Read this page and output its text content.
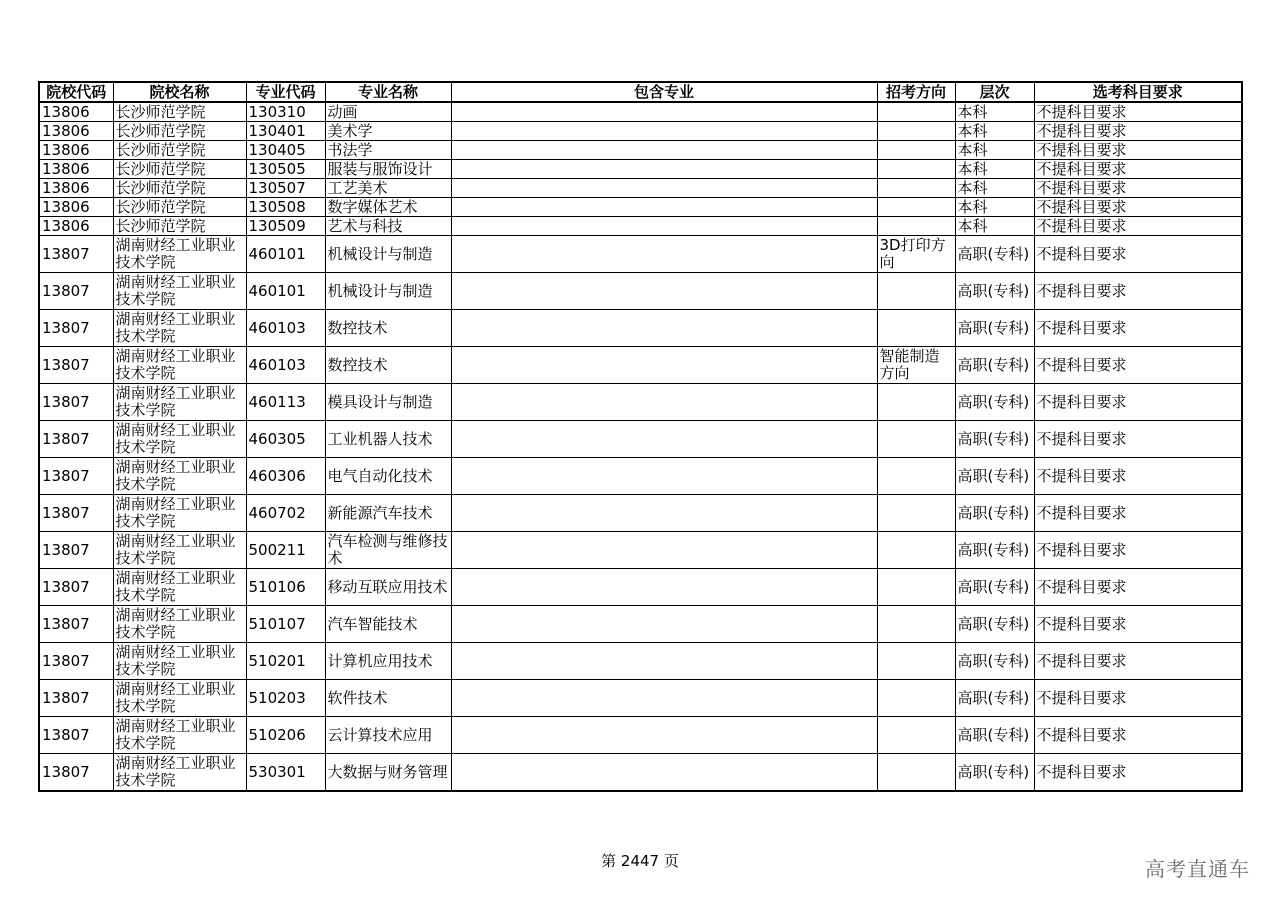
院校代码	院校名称	专业代码	专业名称	包含专业	招考方向	层次	选考科目要求
13806	长沙师范学院	130310	动画			本科	不提科目要求
13806	长沙师范学院	130401	美术学			本科	不提科目要求
13806	长沙师范学院	130405	书法学			本科	不提科目要求
13806	长沙师范学院	130505	服装与服饰设计			本科	不提科目要求
13806	长沙师范学院	130507	工艺美术			本科	不提科目要求
13806	长沙师范学院	130508	数字媒体艺术			本科	不提科目要求
13806	长沙师范学院	130509	艺术与科技			本科	不提科目要求
13807	湖南财经工业职业技术学院	460101	机械设计与制造		3D打印方向	高职(专科)	不提科目要求
13807	湖南财经工业职业技术学院	460101	机械设计与制造			高职(专科)	不提科目要求
13807	湖南财经工业职业技术学院	460103	数控技术			高职(专科)	不提科目要求
13807	湖南财经工业职业技术学院	460103	数控技术		智能制造方向	高职(专科)	不提科目要求
13807	湖南财经工业职业技术学院	460113	模具设计与制造			高职(专科)	不提科目要求
13807	湖南财经工业职业技术学院	460305	工业机器人技术			高职(专科)	不提科目要求
13807	湖南财经工业职业技术学院	460306	电气自动化技术			高职(专科)	不提科目要求
13807	湖南财经工业职业技术学院	460702	新能源汽车技术			高职(专科)	不提科目要求
13807	湖南财经工业职业技术学院	500211	汽车检测与维修技术			高职(专科)	不提科目要求
13807	湖南财经工业职业技术学院	510106	移动互联应用技术			高职(专科)	不提科目要求
13807	湖南财经工业职业技术学院	510107	汽车智能技术			高职(专科)	不提科目要求
13807	湖南财经工业职业技术学院	510201	计算机应用技术			高职(专科)	不提科目要求
13807	湖南财经工业职业技术学院	510203	软件技术			高职(专科)	不提科目要求
13807	湖南财经工业职业技术学院	510206	云计算技术应用			高职(专科)	不提科目要求
13807	湖南财经工业职业技术学院	530301	大数据与财务管理			高职(专科)	不提科目要求
第 2447 页	高考直通车
